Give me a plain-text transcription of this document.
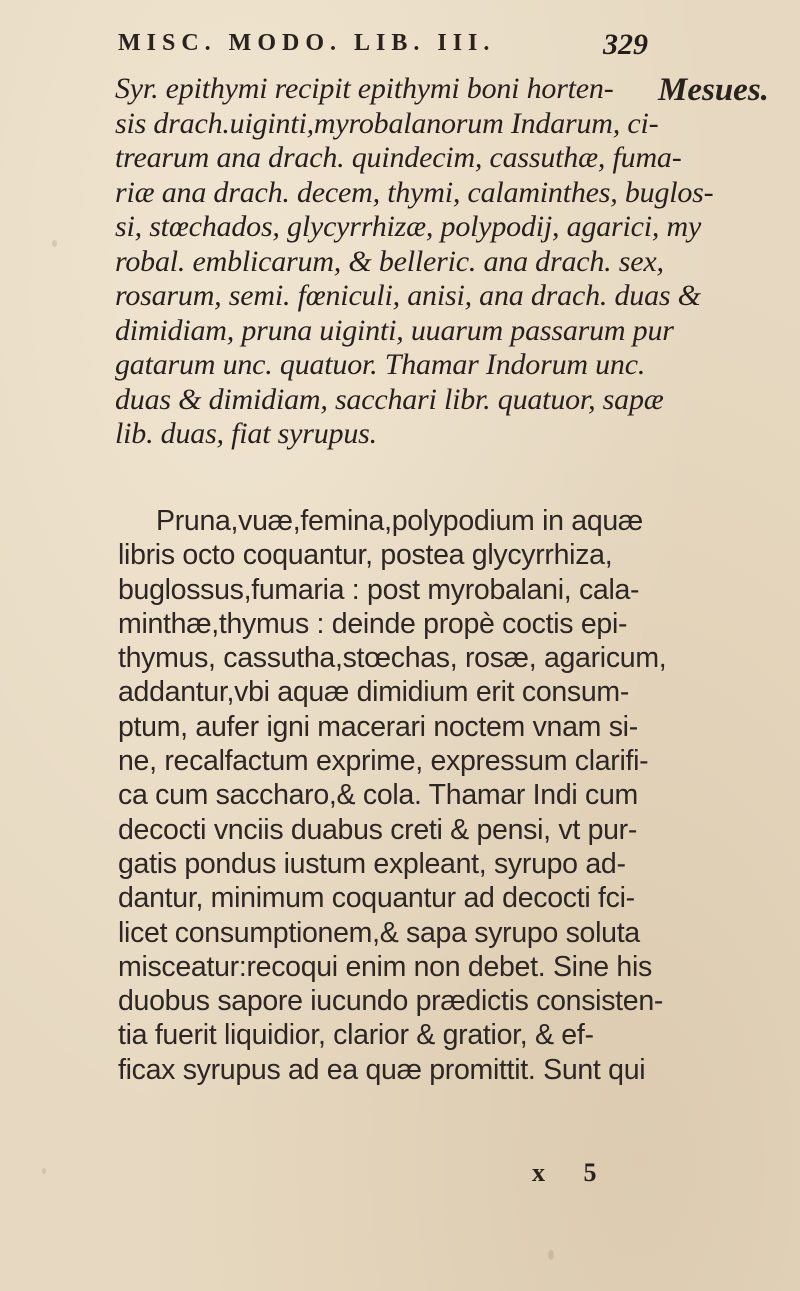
MISC. MODO. LIB. III.	329
Mesues.
Syr. epithymi recipit epithymi boni horten-
sis drach.uiginti,myrobalanorum Indarum, ci-
trearum ana drach. quindecim, cassuthæ, fuma-
riæ ana drach. decem, thymi, calaminthes, buglos-
si, stœchados, glycyrrhizæ, polypodij, agarici, my
robal. emblicarum, & belleric. ana drach. sex,
rosarum, semi. fœniculi, anisi, ana drach. duas &
dimidiam, pruna uiginti, uuarum passarum pur
gatarum unc. quatuor. Thamar Indorum unc.
duas & dimidiam, sacchari libr. quatuor, sapæ
lib. duas, fiat syrupus.
Pruna,vuæ,femina,polypodium in aquæ
libris octo coquantur, postea glycyrrhiza,
buglossus,fumaria : post myrobalani, cala-
minthæ,thymus : deinde propè coctis epi-
thymus, cassutha,stœchas, rosæ, agaricum,
addantur,vbi aquæ dimidium erit consum-
ptum, aufer igni macerari noctem vnam si-
ne, recalfactum exprime, expressum clarifi-
ca cum saccharo,& cola. Thamar Indi cum
decocti vnciis duabus creti & pensi, vt pur-
gatis pondus iustum expleant, syrupo ad-
dantur, minimum coquantur ad decocti fci-
licet consumptionem,& sapa syrupo soluta
misceatur:recoqui enim non debet. Sine his
duobus sapore iucundo prædictis consisten-
tia fuerit liquidior, clarior & gratior, & ef-
ficax syrupus ad ea quæ promittit. Sunt qui
x 5
